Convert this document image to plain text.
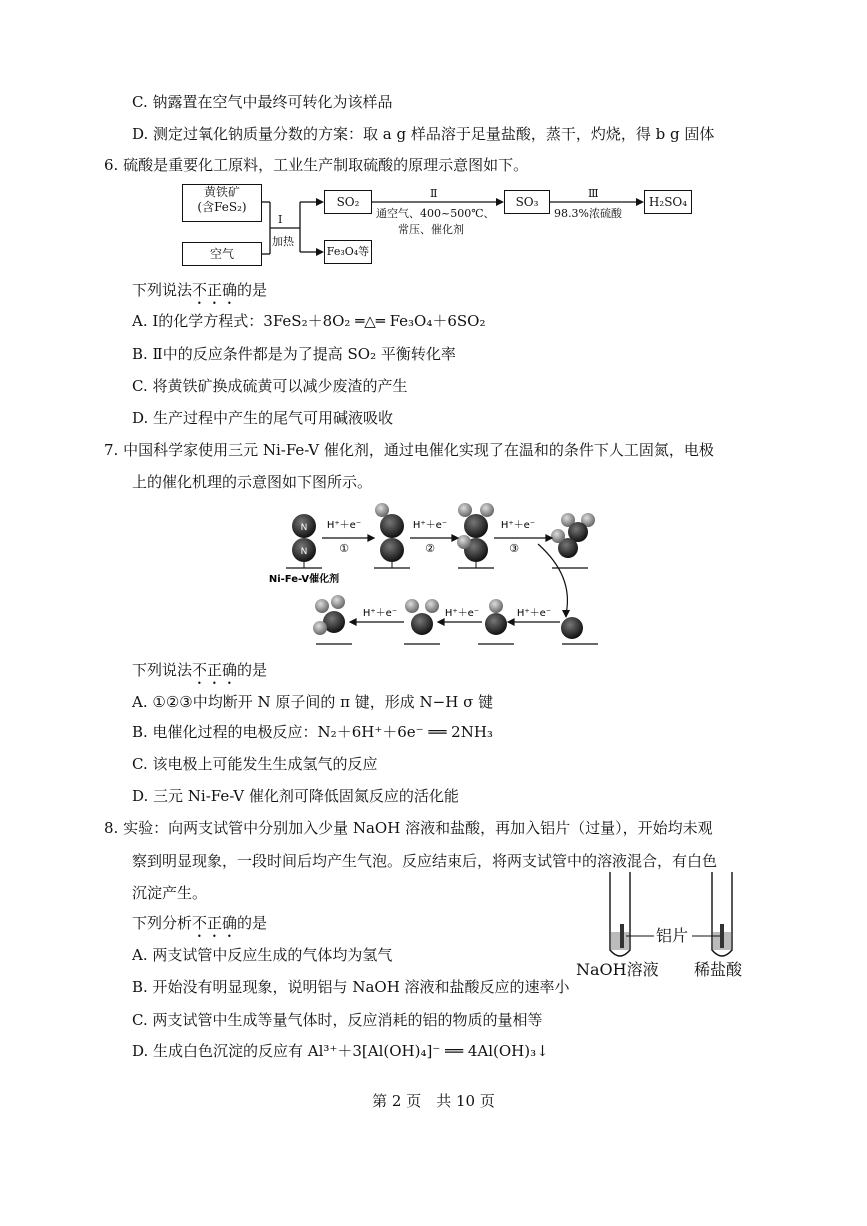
C. 钠露置在空气中最终可转化为该样品
D. 测定过氧化钠质量分数的方案：取 a g 样品溶于足量盐酸，蒸干，灼烧，得 b g 固体
6. 硫酸是重要化工原料，工业生产制取硫酸的原理示意图如下。
黄铁矿
(含FeS₂)
空气
Ⅰ
加热
SO₂
Fe₃O₄等
Ⅱ
通空气、400~500℃、
常压、催化剂
SO₃
Ⅲ
98.3%浓硫酸
H₂SO₄
下列说法不正确的是
A. Ⅰ的化学方程式：3FeS₂＋8O₂ ═△═ Fe₃O₄＋6SO₂
B. Ⅱ中的反应条件都是为了提高 SO₂ 平衡转化率
C. 将黄铁矿换成硫黄可以减少废渣的产生
D. 生产过程中产生的尾气可用碱液吸收
7. 中国科学家使用三元 Ni-Fe-V 催化剂，通过电催化实现了在温和的条件下人工固氮，电极
上的催化机理的示意图如下图所示。
N
N	①	②	③
H⁺＋e⁻	H⁺＋e⁻	H⁺＋e⁻
H⁺＋e⁻
H⁺＋e⁻
H⁺＋e⁻
Ni-Fe-V催化剂
下列说法不正确的是
A. ①②③中均断开 N 原子间的 π 键，形成 N−H σ 键
B. 电催化过程的电极反应：N₂＋6H⁺＋6e⁻ ══ 2NH₃
C. 该电极上可能发生生成氢气的反应
D. 三元 Ni-Fe-V 催化剂可降低固氮反应的活化能
8. 实验：向两支试管中分别加入少量 NaOH 溶液和盐酸，再加入铝片（过量），开始均未观
察到明显现象，一段时间后均产生气泡。反应结束后，将两支试管中的溶液混合，有白色
沉淀产生。
下列分析不正确的是
A. 两支试管中反应生成的气体均为氢气
B. 开始没有明显现象，说明铝与 NaOH 溶液和盐酸反应的速率小
C. 两支试管中生成等量气体时，反应消耗的铝的物质的量相等
D. 生成白色沉淀的反应有 Al³⁺＋3[Al(OH)₄]⁻ ══ 4Al(OH)₃↓
铝片
NaOH溶液 稀盐酸
第 2 页　共 10 页
